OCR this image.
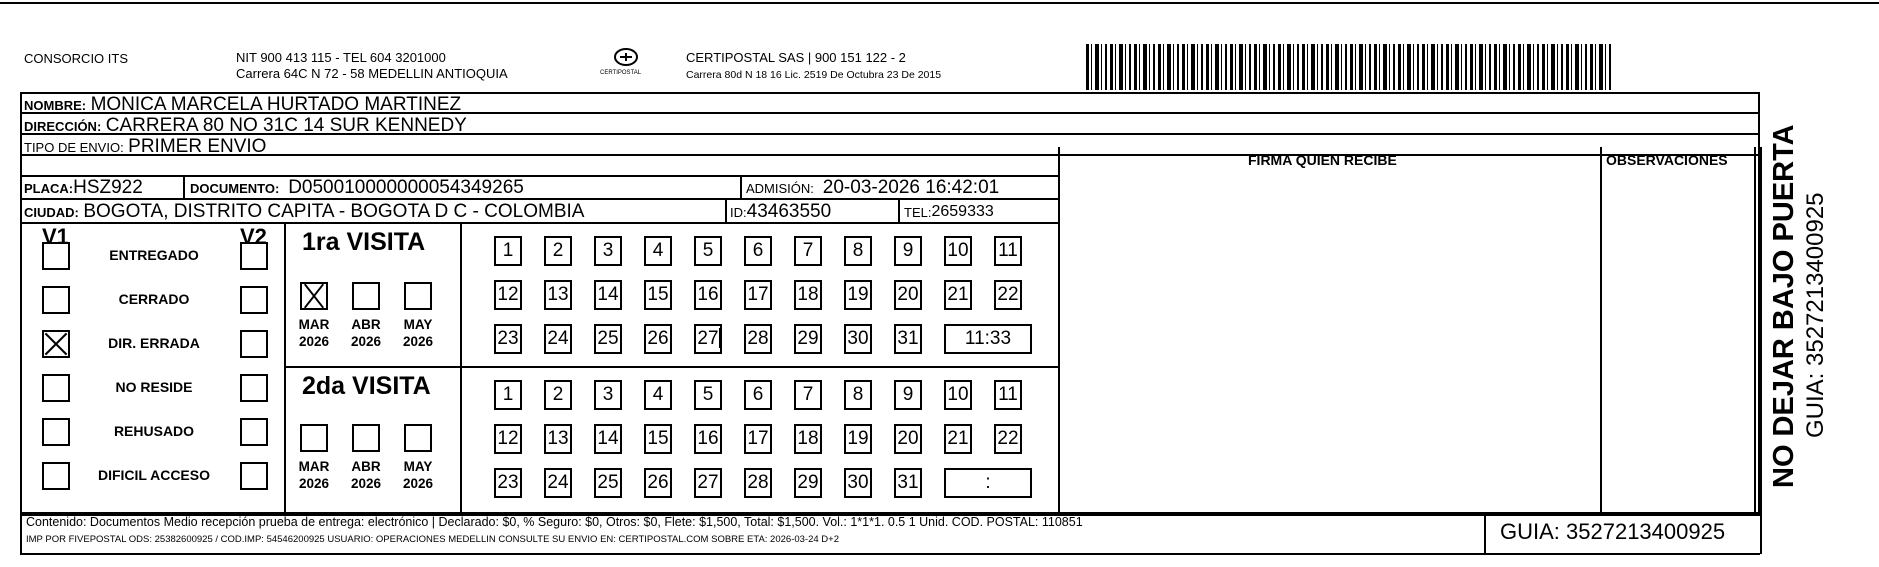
CONSORCIO ITS	NIT 900 413 115 - TEL 604 3201000
Carrera 64C N 72 - 58 MEDELLIN ANTIOQUIA	CERTIPOSTAL
CERTIPOSTAL SAS | 900 151 122 - 2
Carrera 80d N 18 16 Lic. 2519 De Octubra 23 De 2015
NOMBRE:
MONICA MARCELA HURTADO MARTINEZ
DIRECCIÓN:
CARRERA 80 NO 31C 14 SUR KENNEDY
TIPO DE ENVIO:
PRIMER ENVIO
FIRMA QUIEN RECIBE	OBSERVACIONES
PLACA: HSZ922	DOCUMENTO:
D050010000000054349265	ADMISIÓN:
20-03-2026 16:42:01
CIUDAD:
BOGOTA, DISTRITO CAPITA - BOGOTA D C - COLOMBIA	ID: 43463550	TEL: 2659333
V1	V2
ENTREGADO
CERRADO
DIR. ERRADA
NO RESIDE
REHUSADO
DIFICIL ACCESO
1ra VISITA
2da VISITA
MAR
2026
ABR
2026
MAY
2026
MAR
2026
ABR
2026
MAY
2026
1	2	3	4	5	6	7	8	9	10 11
12 13 14 15 16 17 18 19 20 21 22
23 24 25 26 27 28 29 30 31	11:33
1	2	3	4	5	6	7	8	9	10 11
12 13 14 15 16 17 18 19 20 21 22
23 24 25 26 27 28 29 30 31	:
Contenido: Documentos Medio recepción prueba de entrega: electrónico | Declarado: $0, % Seguro: $0, Otros: $0, Flete: $1,500, Total: $1,500. Vol.: 1*1*1. 0.5 1 Unid. COD. POSTAL: 110851
IMP POR FIVEPOSTAL ODS: 25382600925 / COD.IMP: 54546200925 USUARIO: OPERACIONES MEDELLIN CONSULTE SU ENVIO EN: CERTIPOSTAL.COM SOBRE ETA: 2026-03-24 D+2	GUIA: 3527213400925
NO DEJAR BAJO PUERTA GUIA: 3527213400925
